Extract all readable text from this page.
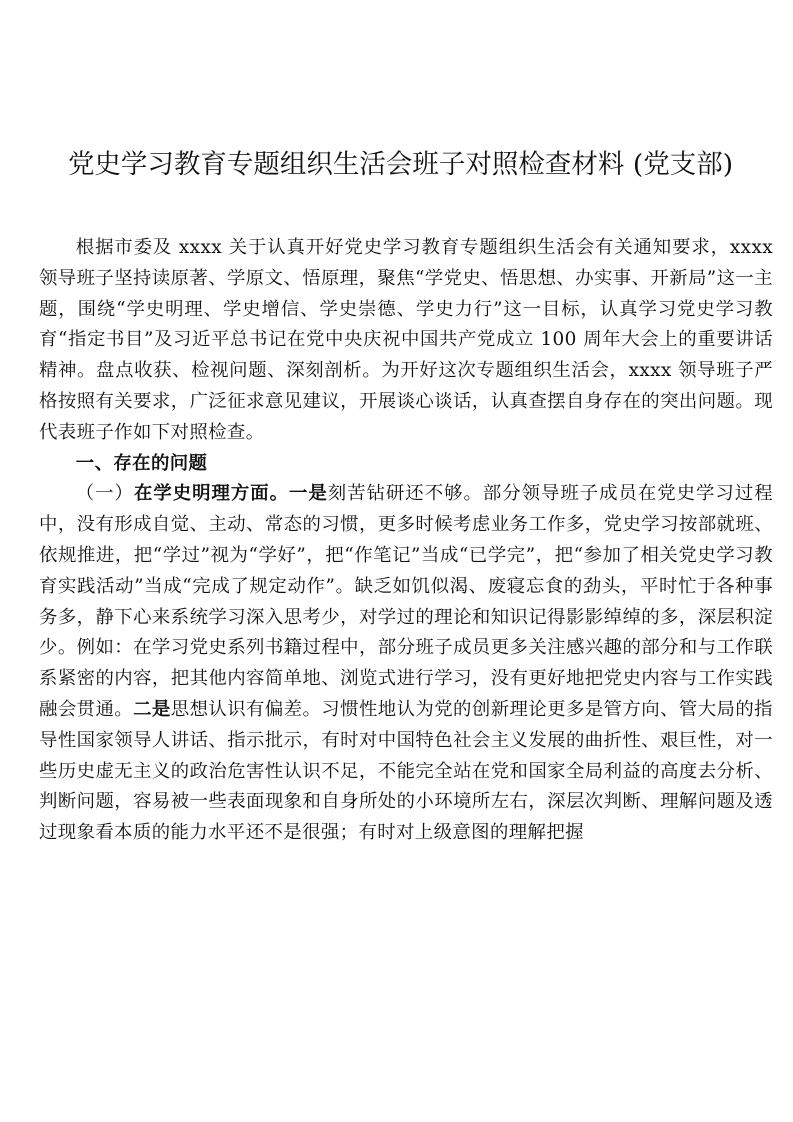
党史学习教育专题组织生活会班子对照检查材料 (党支部)

根据市委及 xxxx 关于认真开好党史学习教育专题组织生活会有关通知要求，xxxx 领导班子坚持读原著、学原文、悟原理，聚焦“学党史、悟思想、办实事、开新局”这一主题，围绕“学史明理、学史增信、学史崇德、学史力行”这一目标，认真学习党史学习教育“指定书目”及习近平总书记在党中央庆祝中国共产党成立 100 周年大会上的重要讲话精神。盘点收获、检视问题、深刻剖析。为开好这次专题组织生活会，xxxx 领导班子严格按照有关要求，广泛征求意见建议，开展谈心谈话，认真查摆自身存在的突出问题。现代表班子作如下对照检查。

一、存在的问题

（一）在学史明理方面。一是刻苦钻研还不够。部分领导班子成员在党史学习过程中，没有形成自觉、主动、常态的习惯，更多时候考虑业务工作多，党史学习按部就班、依规推进，把“学过”视为“学好”，把“作笔记”当成“已学完”，把“参加了相关党史学习教育实践活动”当成“完成了规定动作”。缺乏如饥似渴、废寝忘食的劲头，平时忙于各种事务多，静下心来系统学习深入思考少，对学过的理论和知识记得影影绰绰的多，深层积淀少。例如：在学习党史系列书籍过程中，部分班子成员更多关注感兴趣的部分和与工作联系紧密的内容，把其他内容简单地、浏览式进行学习，没有更好地把党史内容与工作实践融会贯通。二是思想认识有偏差。习惯性地认为党的创新理论更多是管方向、管大局的指导性国家领导人讲话、指示批示，有时对中国特色社会主义发展的曲折性、艰巨性，对一些历史虚无主义的政治危害性认识不足，不能完全站在党和国家全局利益的高度去分析、判断问题，容易被一些表面现象和自身所处的小环境所左右，深层次判断、理解问题及透过现象看本质的能力水平还不是很强；有时对上级意图的理解把握
